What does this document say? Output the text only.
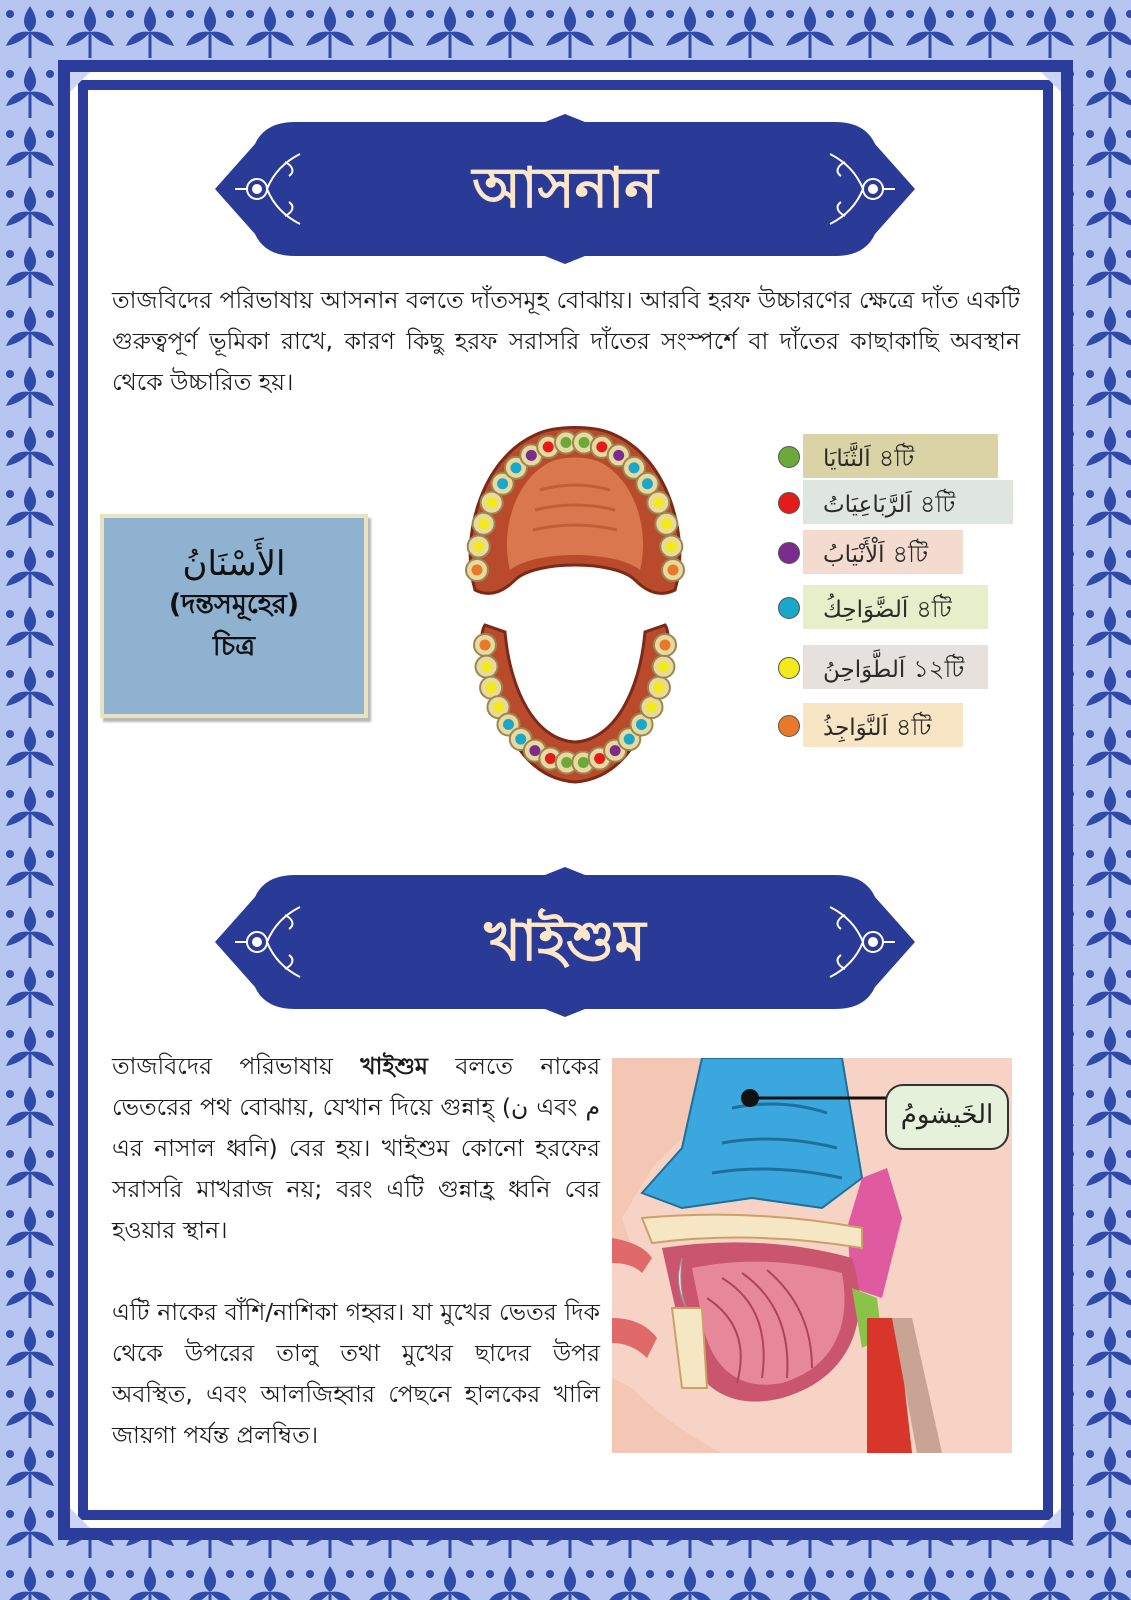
আসনান
তাজবিদের পরিভাষায় আসনান বলতে দাঁতসমূহ বোঝায়। আরবি হরফ উচ্চারণের ক্ষেত্রে দাঁত একটি গুরুত্বপূর্ণ ভূমিকা রাখে, কারণ কিছু হরফ সরাসরি দাঁতের সংস্পর্শে বা দাঁতের কাছাকাছি অবস্থান থেকে উচ্চারিত হয়।
الأَسْنَانُ
(দন্তসমূহের)
চিত্র
اَلثَّنَايَا ৪টি
اَلرَّبَاعِيَاتُ ৪টি
اَلْأَنْيَابُ ৪টি
اَلضَّوَاحِكُ ৪টি
اَلطَّوَاحِنُ ১২টি
اَلنَّوَاجِذُ ৪টি
খাইশুম
তাজবিদের পরিভাষায় খাইশুম বলতে নাকের ভেতরের পথ বোঝায়, যেখান দিয়ে গুন্নাহ্ (ن এবং م এর নাসাল ধ্বনি) বের হয়। খাইশুম কোনো হরফের সরাসরি মাখরাজ নয়; বরং এটি গুন্নাহ্র ধ্বনি বের হওয়ার স্থান।
এটি নাকের বাঁশি/নাশিকা গহ্বর। যা মুখের ভেতর দিক থেকে উপরের তালু তথা মুখের ছাদের উপর অবস্থিত, এবং আলজিহ্বার পেছনে হালকের খালি জায়গা পর্যন্ত প্রলম্বিত।
الخَيشومُ
